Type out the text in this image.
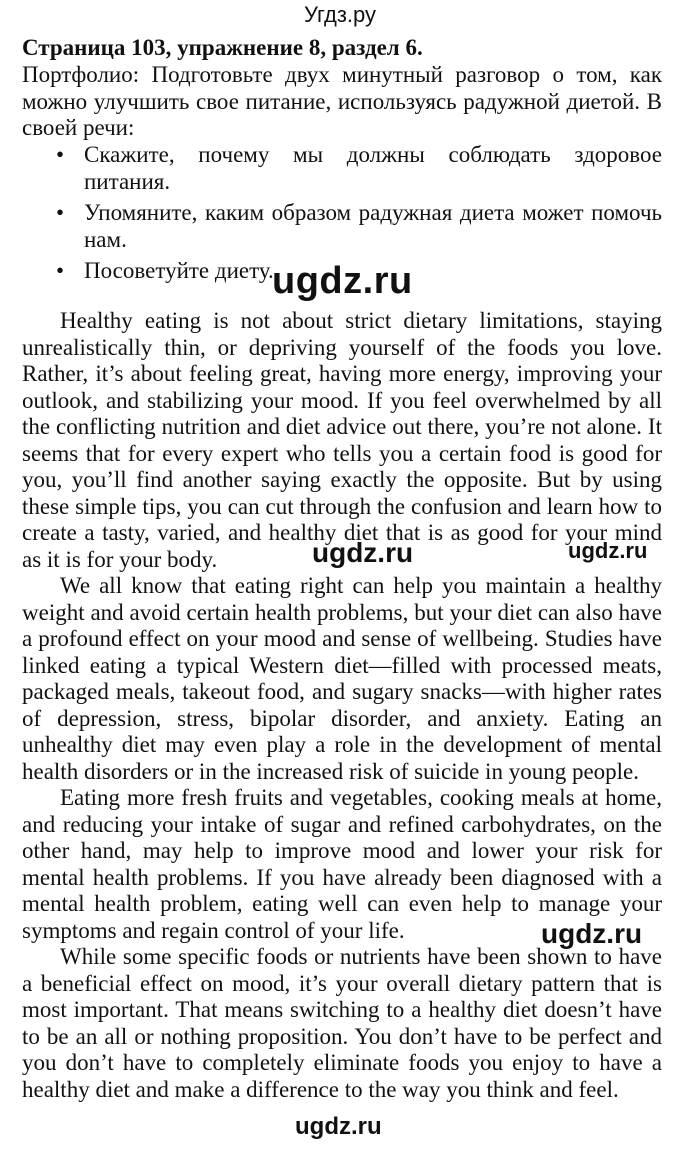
Угдз.ру
Страница 103, упражнение 8, раздел 6.

Портфолио: Подготовьте двух минутный разговор о том, как можно улучшить свое питание, используясь радужной диетой. В своей речи:

• Скажите, почему мы должны соблюдать здоровое питания.
• Упомяните, каким образом радужная диета может помочь нам.
• Посоветуйте диету.

Healthy eating is not about strict dietary limitations, staying unrealistically thin, or depriving yourself of the foods you love. Rather, it’s about feeling great, having more energy, improving your outlook, and stabilizing your mood. If you feel overwhelmed by all the conflicting nutrition and diet advice out there, you’re not alone. It seems that for every expert who tells you a certain food is good for you, you’ll find another saying exactly the opposite. But by using these simple tips, you can cut through the confusion and learn how to create a tasty, varied, and healthy diet that is as good for your mind as it is for your body.

We all know that eating right can help you maintain a healthy weight and avoid certain health problems, but your diet can also have a profound effect on your mood and sense of wellbeing. Studies have linked eating a typical Western diet—filled with processed meats, packaged meals, takeout food, and sugary snacks—with higher rates of depression, stress, bipolar disorder, and anxiety. Eating an unhealthy diet may even play a role in the development of mental health disorders or in the increased risk of suicide in young people.

Eating more fresh fruits and vegetables, cooking meals at home, and reducing your intake of sugar and refined carbohydrates, on the other hand, may help to improve mood and lower your risk for mental health problems. If you have already been diagnosed with a mental health problem, eating well can even help to manage your symptoms and regain control of your life.

While some specific foods or nutrients have been shown to have a beneficial effect on mood, it’s your overall dietary pattern that is most important. That means switching to a healthy diet doesn’t have to be an all or nothing proposition. You don’t have to be perfect and you don’t have to completely eliminate foods you enjoy to have a healthy diet and make a difference to the way you think and feel.

ugdz.ru
ugdz.ru	ugdz.ru
ugdz.ru
ugdz.ru
